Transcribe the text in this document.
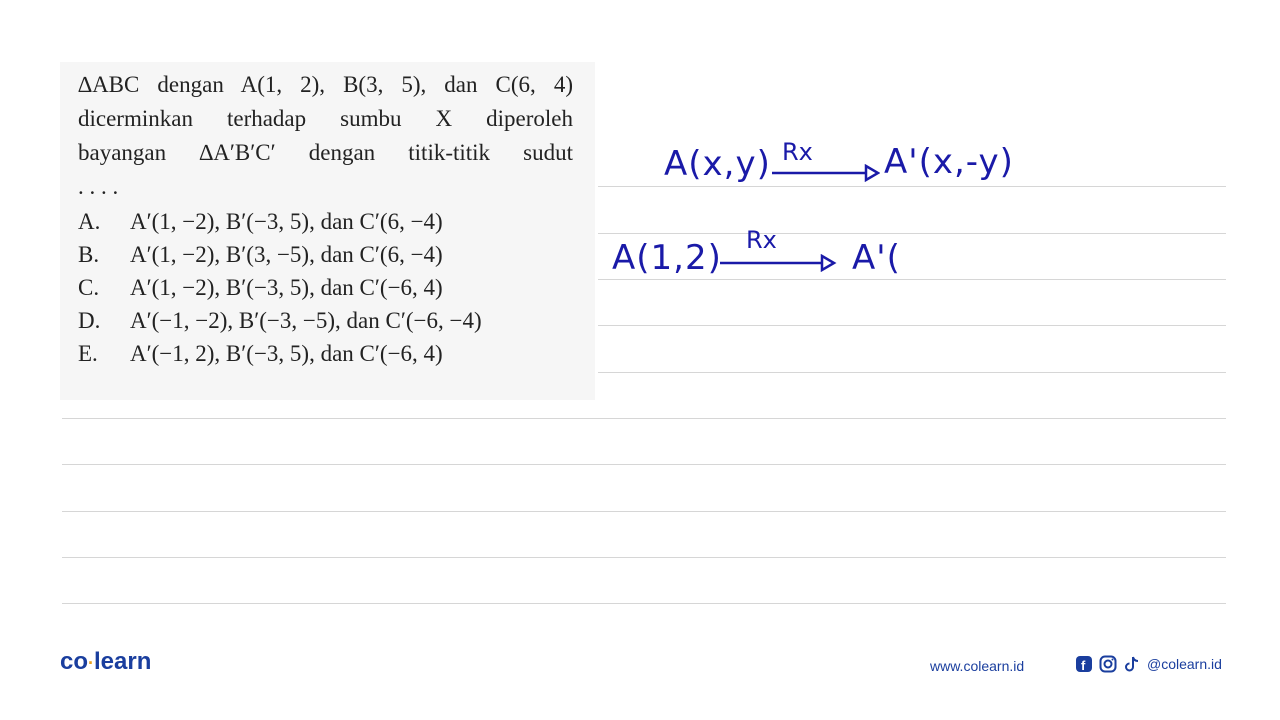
∆ABC dengan A(1, 2), B(3, 5), dan C(6, 4)
dicerminkan terhadap sumbu X diperoleh
bayangan ∆A′B′C′ dengan titik-titik sudut
. . . .
A.	A′(1, −2), B′(−3, 5), dan C′(6, −4)
B.	A′(1, −2), B′(3, −5), dan C′(6, −4)
C.	A′(1, −2), B′(−3, 5), dan C′(−6, 4)
D.	A′(−1, −2), B′(−3, −5), dan C′(−6, −4)
E.	A′(−1, 2), B′(−3, 5), dan C′(−6, 4)
A(x,y) Rx A'(x,-y)
A(1,2) Rx A'(
co·learn	www.colearn.id	f	@colearn.id
